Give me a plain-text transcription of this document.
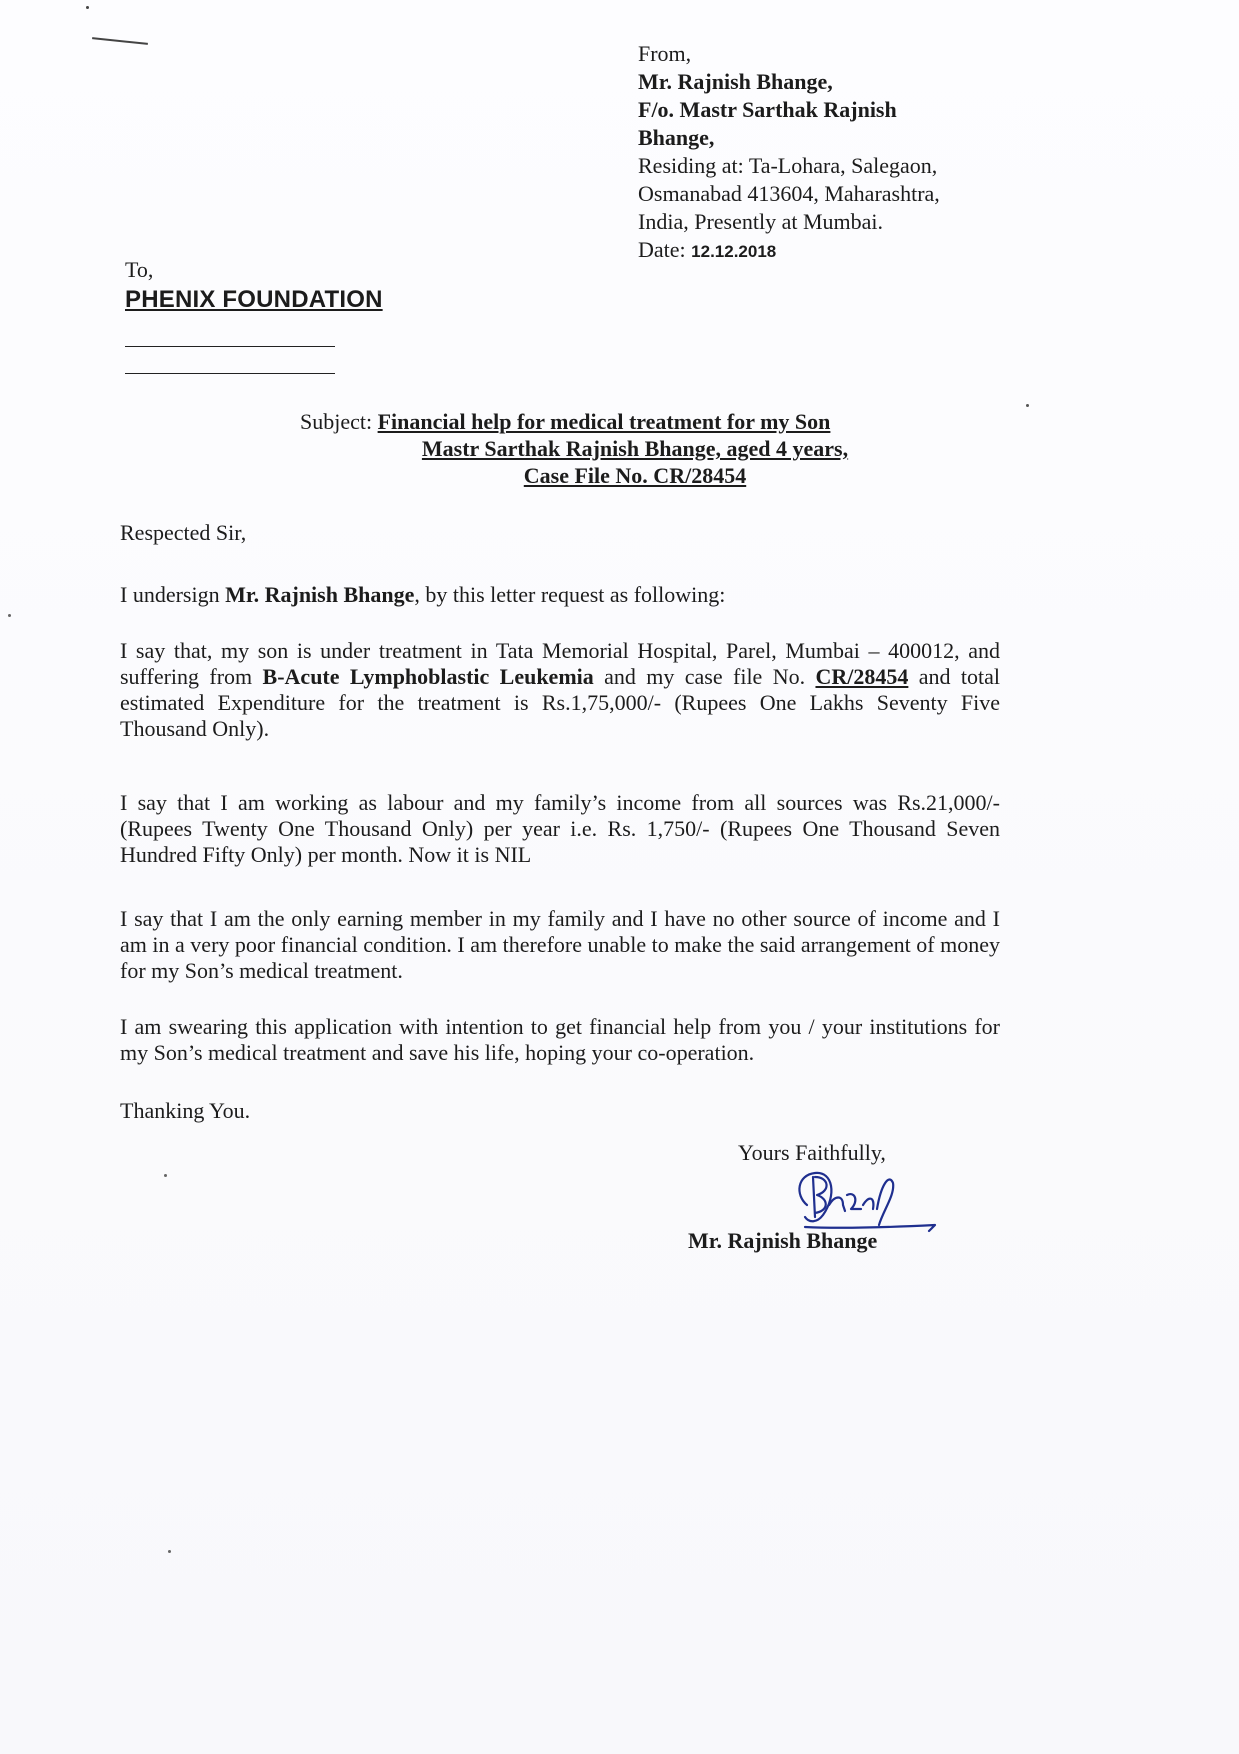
From,
Mr. Rajnish Bhange,
F/o. Mastr Sarthak Rajnish
Bhange,
Residing at: Ta-Lohara, Salegaon,
Osmanabad 413604, Maharashtra,
India, Presently at Mumbai.
Date: 12.12.2018
To,
PHENIX FOUNDATION
Subject: Financial help for medical treatment for my Son
Mastr Sarthak Rajnish Bhange, aged 4 years,
Case File No. CR/28454
Respected Sir,
I undersign Mr. Rajnish Bhange, by this letter request as following:
I say that, my son is under treatment in Tata Memorial Hospital, Parel, Mumbai – 400012, and suffering from B-Acute Lymphoblastic Leukemia and my case file No. CR/28454 and total estimated Expenditure for the treatment is Rs.1,75,000/- (Rupees One Lakhs Seventy Five Thousand Only).
I say that I am working as labour and my family’s income from all sources was Rs.21,000/- (Rupees Twenty One Thousand Only) per year i.e. Rs. 1,750/- (Rupees One Thousand Seven Hundred Fifty Only) per month. Now it is NIL
I say that I am the only earning member in my family and I have no other source of income and I am in a very poor financial condition. I am therefore unable to make the said arrangement of money for my Son’s medical treatment.
I am swearing this application with intention to get financial help from you / your institutions for my Son’s medical treatment and save his life, hoping your co-operation.
Thanking You.
Yours Faithfully,
Mr. Rajnish Bhange
